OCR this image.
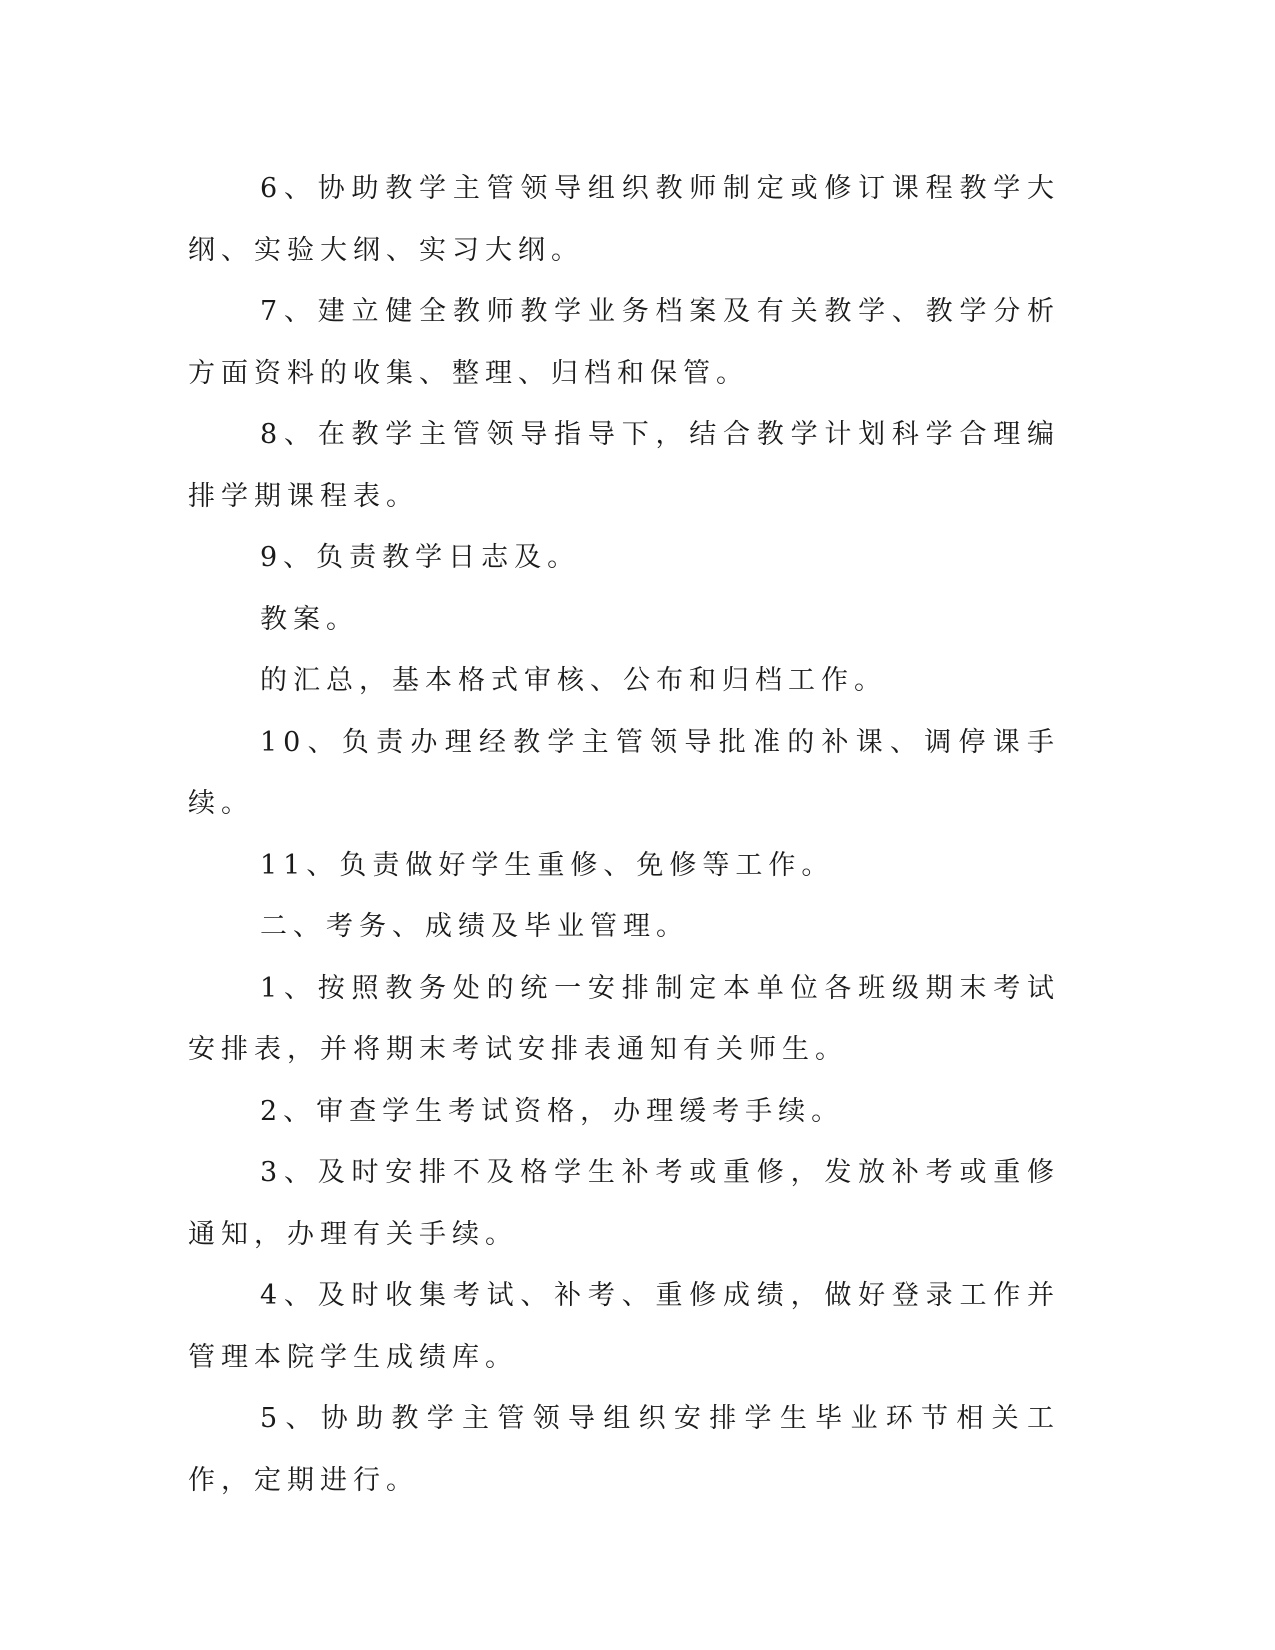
6、协助教学主管领导组织教师制定或修订课程教学大纲、实验大纲、实习大纲。

7、建立健全教师教学业务档案及有关教学、教学分析方面资料的收集、整理、归档和保管。

8、在教学主管领导指导下，结合教学计划科学合理编排学期课程表。

9、负责教学日志及。

教案。

的汇总，基本格式审核、公布和归档工作。

10、负责办理经教学主管领导批准的补课、调停课手续。

11、负责做好学生重修、免修等工作。

二、考务、成绩及毕业管理。

1、按照教务处的统一安排制定本单位各班级期末考试安排表，并将期末考试安排表通知有关师生。

2、审查学生考试资格，办理缓考手续。

3、及时安排不及格学生补考或重修，发放补考或重修通知，办理有关手续。

4、及时收集考试、补考、重修成绩，做好登录工作并管理本院学生成绩库。

5、协助教学主管领导组织安排学生毕业环节相关工作，定期进行。
